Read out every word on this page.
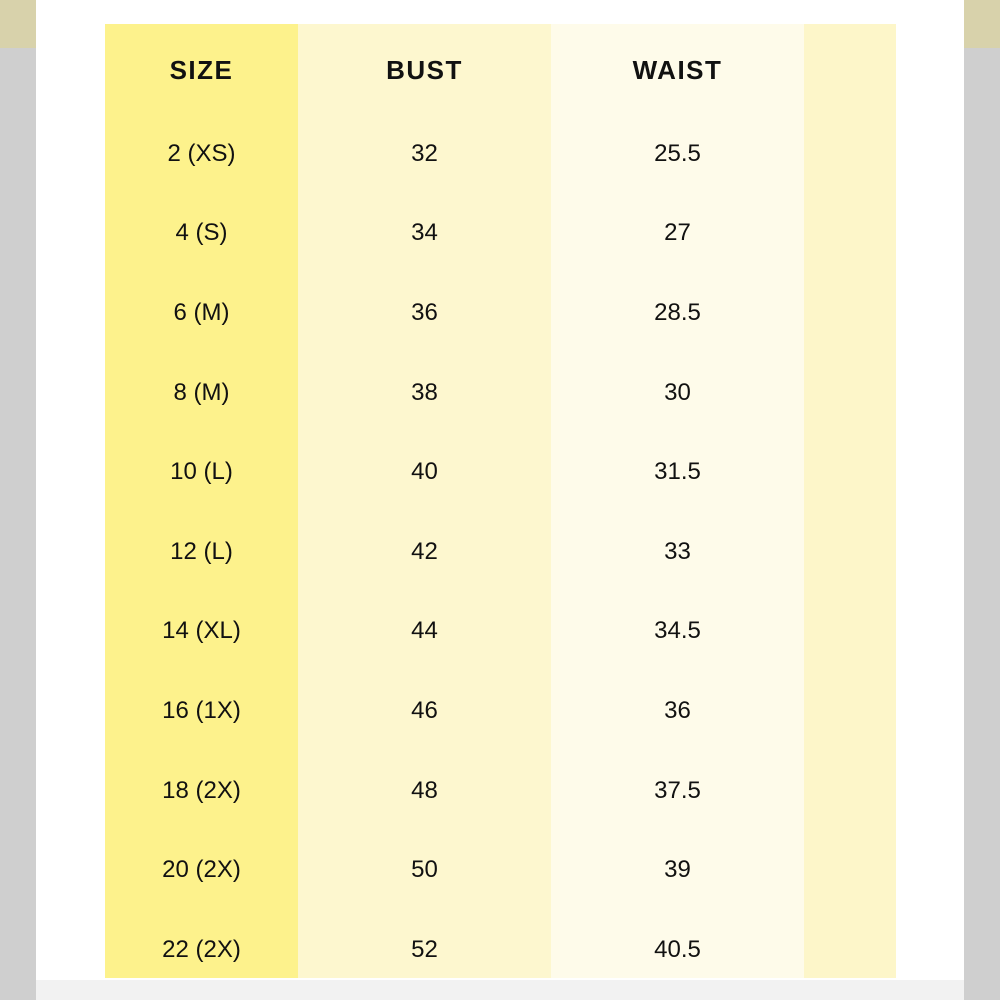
SIZE	BUST	WAIST
2 (XS)	32	25.5
4 (S)	34	27
6 (M)	36	28.5
8 (M)	38	30
10 (L)	40	31.5
12 (L)	42	33
14 (XL)	44	34.5
16 (1X)	46	36
18 (2X)	48	37.5
20 (2X)	50	39
22 (2X)	52	40.5
